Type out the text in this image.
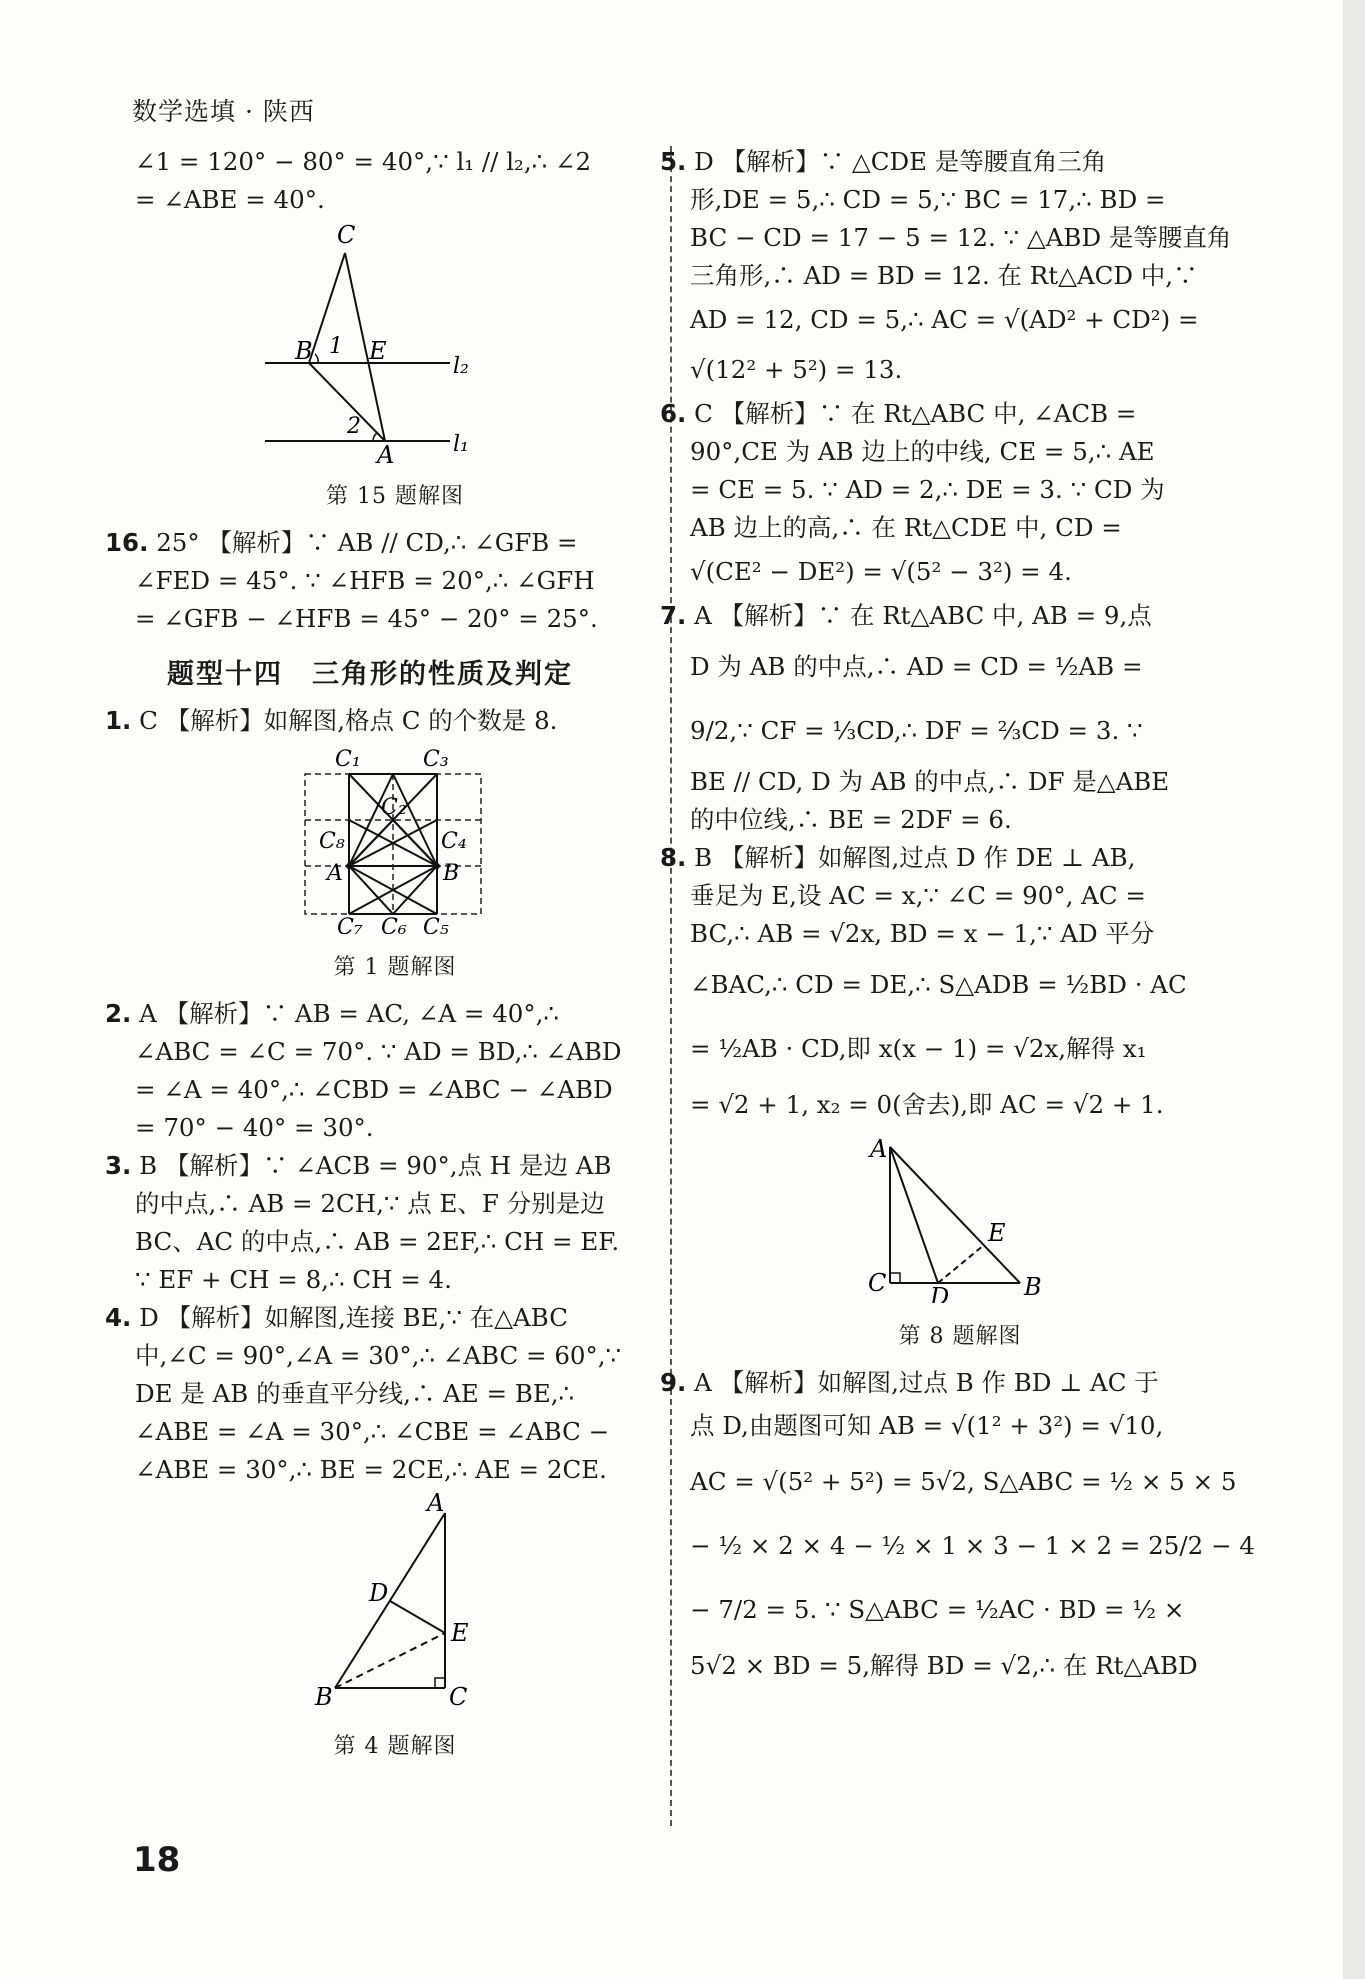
数学选填 · 陕西

∠1 = 120° − 80° = 40°,∵ l₁ // l₂,∴ ∠2

= ∠ABE = 40°.

C
B 1 E
l₂
2
A	l₁

第 15 题解图

16. 25° 【解析】∵ AB // CD,∴ ∠GFB =

∠FED = 45°. ∵ ∠HFB = 20°,∴ ∠GFH

= ∠GFB − ∠HFB = 45° − 20° = 25°.

题型十四　三角形的性质及判定

1. C 【解析】如解图,格点 C 的个数是 8.

C₁	C₃
C₂
C₈	C₄
A	B
C₇ C₆ C₅

第 1 题解图

2. A 【解析】∵ AB = AC, ∠A = 40°,∴

∠ABC = ∠C = 70°. ∵ AD = BD,∴ ∠ABD

= ∠A = 40°,∴ ∠CBD = ∠ABC − ∠ABD

= 70° − 40° = 30°.

3. B 【解析】∵ ∠ACB = 90°,点 H 是边 AB

的中点,∴ AB = 2CH,∵ 点 E、F 分别是边

BC、AC 的中点,∴ AB = 2EF,∴ CH = EF.

∵ EF + CH = 8,∴ CH = 4.

4. D 【解析】如解图,连接 BE,∵ 在△ABC

中,∠C = 90°,∠A = 30°,∴ ∠ABC = 60°,∵

DE 是 AB 的垂直平分线,∴ AE = BE,∴

∠ABE = ∠A = 30°,∴ ∠CBE = ∠ABC −

∠ABE = 30°,∴ BE = 2CE,∴ AE = 2CE.

A
D
E
B	C

第 4 题解图

5. D 【解析】∵ △CDE 是等腰直角三角

形,DE = 5,∴ CD = 5,∵ BC = 17,∴ BD =

BC − CD = 17 − 5 = 12. ∵ △ABD 是等腰直角

三角形,∴ AD = BD = 12. 在 Rt△ACD 中,∵

AD = 12, CD = 5,∴ AC = √(AD² + CD²) =

√(12² + 5²) = 13.

6. C 【解析】∵ 在 Rt△ABC 中, ∠ACB =

90°,CE 为 AB 边上的中线, CE = 5,∴ AE

= CE = 5. ∵ AD = 2,∴ DE = 3. ∵ CD 为

AB 边上的高,∴ 在 Rt△CDE 中, CD =

√(CE² − DE²) = √(5² − 3²) = 4.

7. A 【解析】∵ 在 Rt△ABC 中, AB = 9,点

D 为 AB 的中点,∴ AD = CD = ½AB =

9/2,∵ CF = ⅓CD,∴ DF = ⅔CD = 3. ∵

BE // CD, D 为 AB 的中点,∴ DF 是△ABE

的中位线,∴ BE = 2DF = 6.

8. B 【解析】如解图,过点 D 作 DE ⊥ AB,

垂足为 E,设 AC = x,∵ ∠C = 90°, AC =

BC,∴ AB = √2x, BD = x − 1,∵ AD 平分

∠BAC,∴ CD = DE,∴ S△ADB = ½BD · AC

= ½AB · CD,即 x(x − 1) = √2x,解得 x₁

= √2 + 1, x₂ = 0(舍去),即 AC = √2 + 1.

A
E
C D	B

第 8 题解图

9. A 【解析】如解图,过点 B 作 BD ⊥ AC 于

点 D,由题图可知 AB = √(1² + 3²) = √10,

AC = √(5² + 5²) = 5√2, S△ABC = ½ × 5 × 5

− ½ × 2 × 4 − ½ × 1 × 3 − 1 × 2 = 25/2 − 4

− 7/2 = 5. ∵ S△ABC = ½AC · BD = ½ ×

5√2 × BD = 5,解得 BD = √2,∴ 在 Rt△ABD

18
